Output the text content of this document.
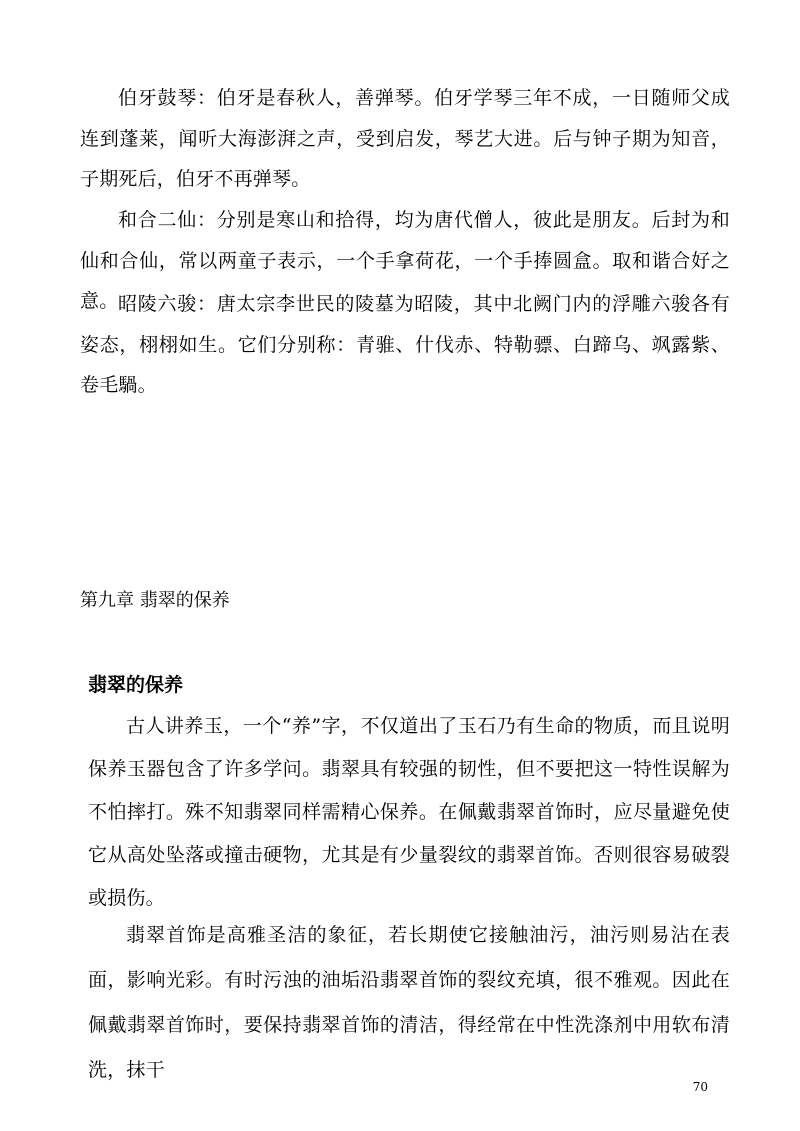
伯牙鼓琴：伯牙是春秋人，善弹琴。伯牙学琴三年不成，一日随师父成连到蓬莱，闻听大海澎湃之声，受到启发，琴艺大进。后与钟子期为知音，子期死后，伯牙不再弹琴。

和合二仙：分别是寒山和拾得，均为唐代僧人，彼此是朋友。后封为和仙和合仙，常以两童子表示，一个手拿荷花，一个手捧圆盒。取和谐合好之意。 昭陵六骏：唐太宗李世民的陵墓为昭陵，其中北阙门内的浮雕六骏各有姿态，栩栩如生。它们分别称：青骓、什伐赤、特勒骠、白蹄乌、飒露紫、卷毛騧。

第九章 翡翠的保养
翡翠的保养

古人讲养玉，一个“养”字，不仅道出了玉石乃有生命的物质，而且说明保养玉器包含了许多学问。翡翠具有较强的韧性，但不要把这一特性误解为不怕摔打。殊不知翡翠同样需精心保养。在佩戴翡翠首饰时，应尽量避免使它从高处坠落或撞击硬物，尤其是有少量裂纹的翡翠首饰。否则很容易破裂或损伤。

翡翠首饰是高雅圣洁的象征，若长期使它接触油污，油污则易沾在表面，影响光彩。有时污浊的油垢沿翡翠首饰的裂纹充填，很不雅观。因此在佩戴翡翠首饰时，要保持翡翠首饰的清洁，得经常在中性洗涤剂中用软布清洗，抹干

70
